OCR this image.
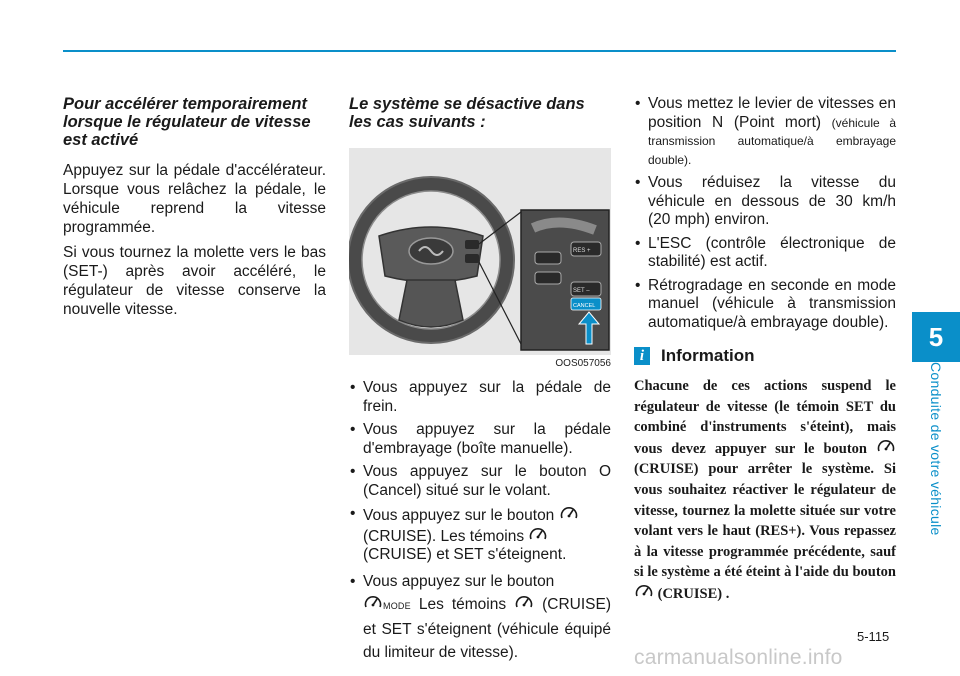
5
Conduite de votre véhicule
Pour accélérer temporairement lorsque le régulateur de vitesse est activé

Appuyez sur la pédale d'accélérateur. Lorsque vous relâchez la pédale, le véhicule reprend la vitesse programmée.

Si vous tournez la molette vers le bas (SET-) après avoir accéléré, le régulateur de vitesse conserve la nouvelle vitesse.

Le système se désactive dans les cas suivants :
RES +
SET –
CANCEL
OOS057056
• Vous appuyez sur la pédale de frein.
• Vous appuyez sur la pédale d'embrayage (boîte manuelle).
• Vous appuyez sur le bouton O (Cancel) situé sur le volant.
• Vous appuyez sur le bouton
(CRUISE). Les témoins
(CRUISE) et SET s'éteignent.
• Vous appuyez sur le bouton
MODE Les témoins (CRUISE) et SET s'éteignent (véhicule équipé du limiteur de vitesse).
• Vous mettez le levier de vitesses en position N (Point mort) (véhicule à transmission automatique/à embrayage double).
• Vous réduisez la vitesse du véhicule en dessous de 30 km/h (20 mph) environ.
• L'ESC (contrôle électronique de stabilité) est actif.
• Rétrogradage en seconde en mode manuel (véhicule à transmission automatique/à embrayage double).
i Information

Chacune de ces actions suspend le régulateur de vitesse (le témoin SET du combiné d'instruments s'éteint), mais vous devez appuyer sur le bouton  (CRUISE) pour arrêter le système. Si vous souhaitez réactiver le régulateur de vitesse, tournez la molette située sur votre volant vers le haut (RES+). Vous repassez à la vitesse programmée précédente, sauf si le système a été éteint à l'aide du bouton  (CRUISE) .

5-115
carmanualsonline.info
